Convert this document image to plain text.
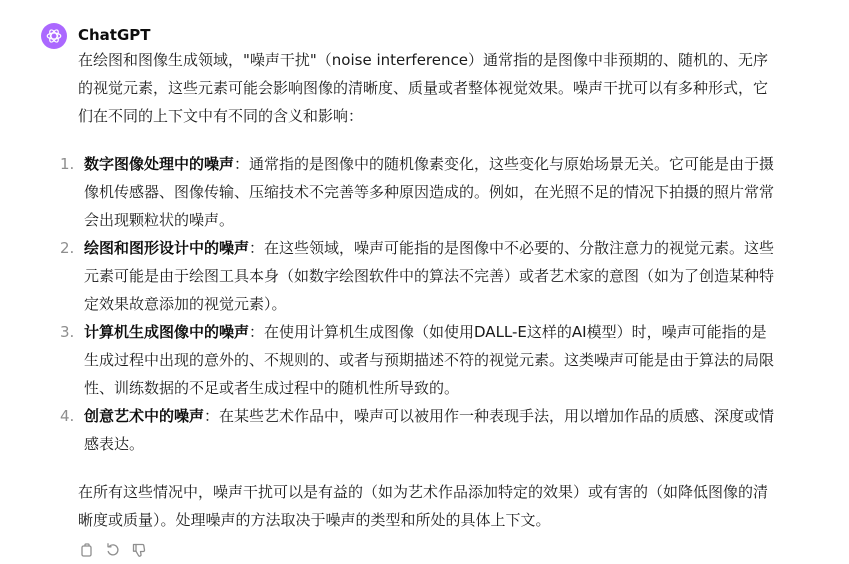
ChatGPT

在绘图和图像生成领域，"噪声干扰"（noise interference）通常指的是图像中非预期的、随机的、无序的视觉元素，这些元素可能会影响图像的清晰度、质量或者整体视觉效果。噪声干扰可以有多种形式，它们在不同的上下文中有不同的含义和影响：

1. 数字图像处理中的噪声：通常指的是图像中的随机像素变化，这些变化与原始场景无关。它可能是由于摄像机传感器、图像传输、压缩技术不完善等多种原因造成的。例如，在光照不足的情况下拍摄的照片常常会出现颗粒状的噪声。
2. 绘图和图形设计中的噪声：在这些领域，噪声可能指的是图像中不必要的、分散注意力的视觉元素。这些元素可能是由于绘图工具本身（如数字绘图软件中的算法不完善）或者艺术家的意图（如为了创造某种特定效果故意添加的视觉元素）。
3. 计算机生成图像中的噪声：在使用计算机生成图像（如使用DALL-E这样的AI模型）时，噪声可能指的是生成过程中出现的意外的、不规则的、或者与预期描述不符的视觉元素。这类噪声可能是由于算法的局限性、训练数据的不足或者生成过程中的随机性所导致的。
4. 创意艺术中的噪声：在某些艺术作品中，噪声可以被用作一种表现手法，用以增加作品的质感、深度或情感表达。

在所有这些情况中，噪声干扰可以是有益的（如为艺术作品添加特定的效果）或有害的（如降低图像的清晰度或质量）。处理噪声的方法取决于噪声的类型和所处的具体上下文。
